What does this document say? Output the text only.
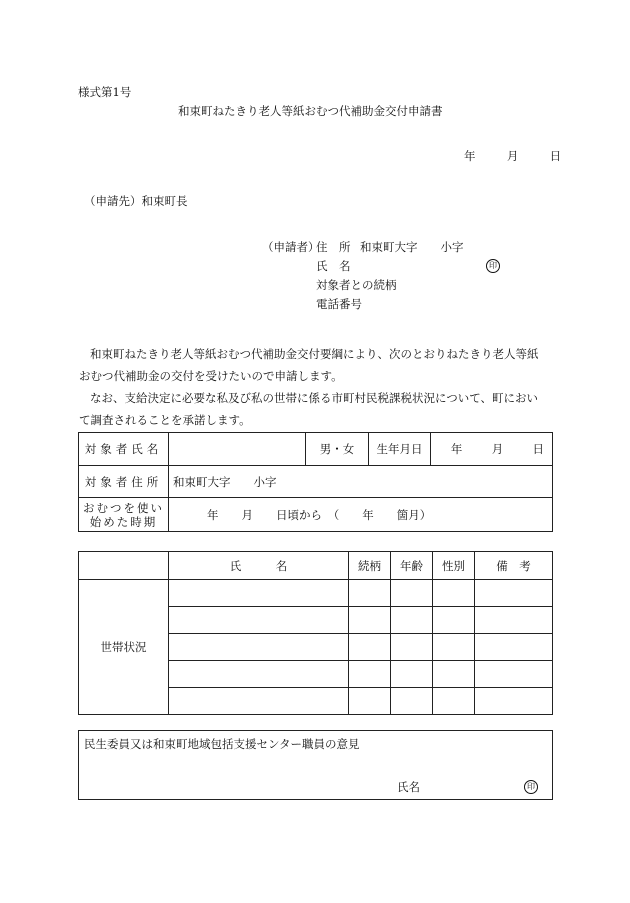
様式第1号
和束町ねたきり老人等紙おむつ代補助金交付申請書
年	月	日
（申請先）和束町長
（申請者）
住　所 和束町大字　　小字
氏　名	印
対象者との続柄
電話番号
和束町ねたきり老人等紙おむつ代補助金交付要綱により、次のとおりねたきり老人等紙
おむつ代補助金の交付を受けたいので申請します。
なお、支給決定に必要な私及び私の世帯に係る市町村民税課税状況について、町におい
て調査されることを承諾します。
対象者氏名		男・女	生年月日	年 月 日
対象者住所	和束町大字　　小字			

おむつを使い
始めた時期	年　　月　　日頃から　（　　年　　箇月）			
	氏　　　名	続柄	年齢	性別	備　考
世帯状況					

民生委員又は和束町地域包括支援センター職員の意見
氏名	印
